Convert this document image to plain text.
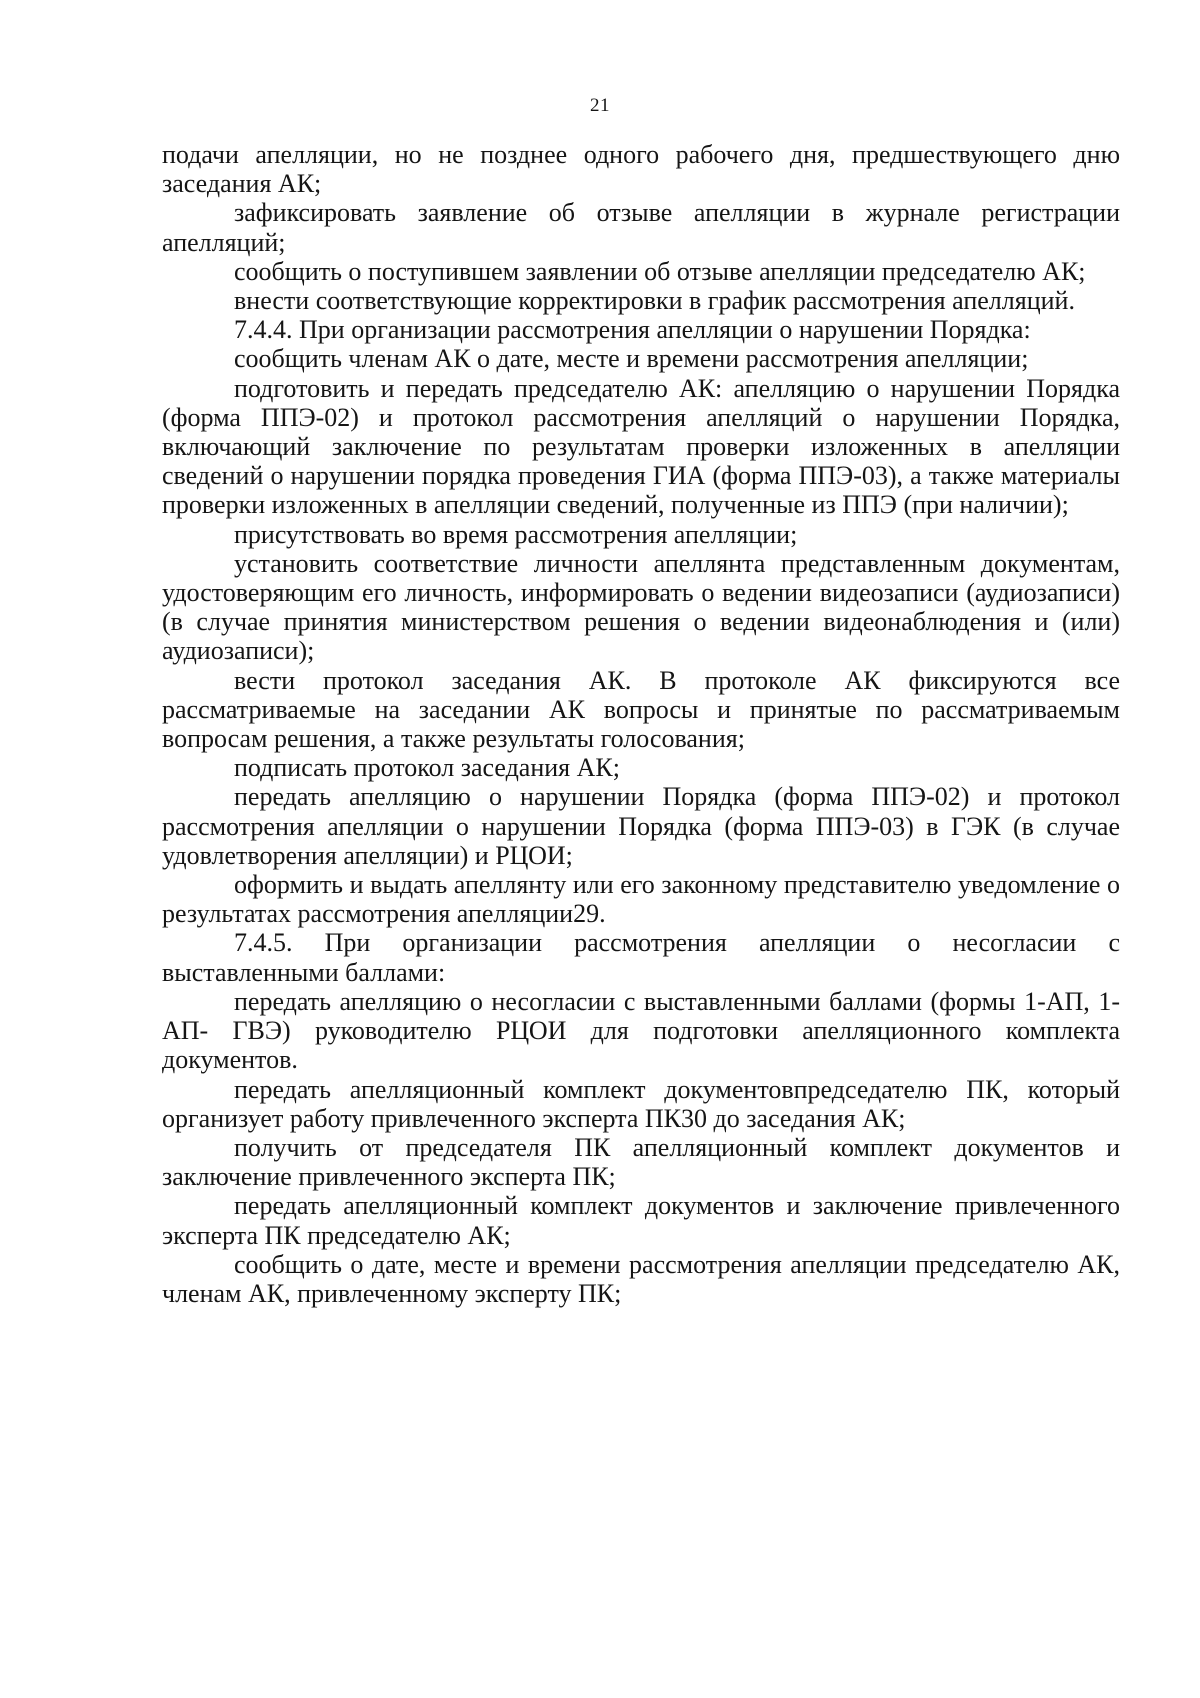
21

подачи апелляции, но не позднее одного рабочего дня, предшествующего дню заседания АК;

зафиксировать заявление об отзыве апелляции в журнале регистрации апелляций;

сообщить о поступившем заявлении об отзыве апелляции председателю АК;

внести соответствующие корректировки в график рассмотрения апелляций.

7.4.4. При организации рассмотрения апелляции о нарушении Порядка:

сообщить членам АК о дате, месте и времени рассмотрения апелляции;

подготовить и передать председателю АК: апелляцию о нарушении Порядка (форма ППЭ-02) и протокол рассмотрения апелляций о нарушении Порядка, включающий заключение по результатам проверки изложенных в апелляции сведений о нарушении порядка проведения ГИА (форма ППЭ-03), а также материалы проверки изложенных в апелляции сведений, полученные из ППЭ (при наличии);

присутствовать во время рассмотрения апелляции;

установить соответствие личности апеллянта представленным документам, удостоверяющим его личность, информировать о ведении видеозаписи (аудиозаписи) (в случае принятия министерством решения о ведении видеонаблюдения и (или) аудиозаписи);

вести протокол заседания АК. В протоколе АК фиксируются все рассматриваемые на заседании АК вопросы и принятые по рассматриваемым вопросам решения, а также результаты голосования;

подписать протокол заседания АК;

передать апелляцию о нарушении Порядка (форма ППЭ-02) и протокол рассмотрения апелляции о нарушении Порядка (форма ППЭ-03) в ГЭК (в случае удовлетворения апелляции) и РЦОИ;

оформить и выдать апеллянту или его законному представителю уведомление о результатах рассмотрения апелляции29.

7.4.5. При организации рассмотрения апелляции о несогласии с выставленными баллами:

передать апелляцию о несогласии с выставленными баллами (формы 1-АП, 1-АП- ГВЭ) руководителю РЦОИ для подготовки апелляционного комплекта документов.

передать апелляционный комплект документовпредседателю ПК, который организует работу привлеченного эксперта ПК30 до заседания АК;

получить от председателя ПК апелляционный комплект документов и заключение привлеченного эксперта ПК;

передать апелляционный комплект документов и заключение привлеченного эксперта ПК председателю АК;

сообщить о дате, месте и времени рассмотрения апелляции председателю АК, членам АК, привлеченному эксперту ПК;
